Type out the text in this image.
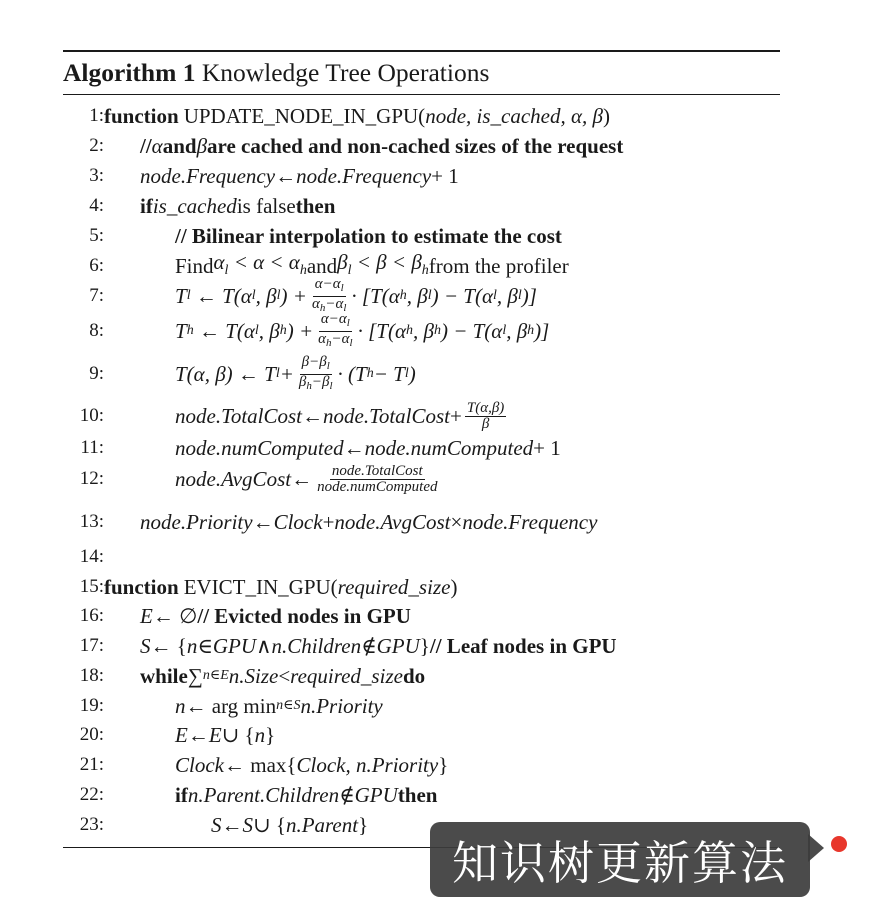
Algorithm 1 Knowledge Tree Operations
1: function UPDATE_NODE_IN_GPU( node, is_cached, α, β )
2: // α and β are cached and non-cached sizes of the request
3: node.Frequency ← node.Frequency + 1
4: if is_cached is false then
5:	// Bilinear interpolation to estimate the cost
6:	Find $\alpha_l < \alpha < \alpha_h$ and $\beta_l < \beta < \beta_h$ from the profiler
7:	T l ← T(α l , β l ) + $\frac{\alpha-\alpha_l}{\alpha_h-\alpha_l} \cdot [T(\alpha$ h , β l ) − T(α l , β l )]
8:	T h ← T(α l , β h ) + $\frac{\alpha-\alpha_l}{\alpha_h-\alpha_l} \cdot [T(\alpha$ h , β h ) − T(α l , β h )]
9:	T(α, β) ← T $l + \frac{\beta-\beta_l}{\beta_h-\beta_l} \cdot (T$ h − T l )
10:	node.TotalCost ← node.TotalCost + $\frac{T(\alpha,\beta)}{\beta}$
11:	node.numComputed ← node.numComputed + 1
12:	node.AvgCost ← $\frac{\text{node.TotalCost}}{\text{node.numComputed}}$
13: node.Priority ← Clock + node.AvgCost × node.Frequency
14:
15: function EVICT_IN_GPU( required_size )
16: E ← ∅ // Evicted nodes in GPU
17: S ← { n ∈ GPU ∧ n.Children ∉ GPU } // Leaf nodes in GPU
18: while ∑ n∈E n.Size < required_size do
19:	n ← arg min n∈S n.Priority
20:	E ← E ∪ { n }
21:	Clock ← max{ Clock, n.Priority }
22:	if n.Parent.Children ∉ GPU then
23:	S ← S ∪ { n.Parent }
知识树更新算法
